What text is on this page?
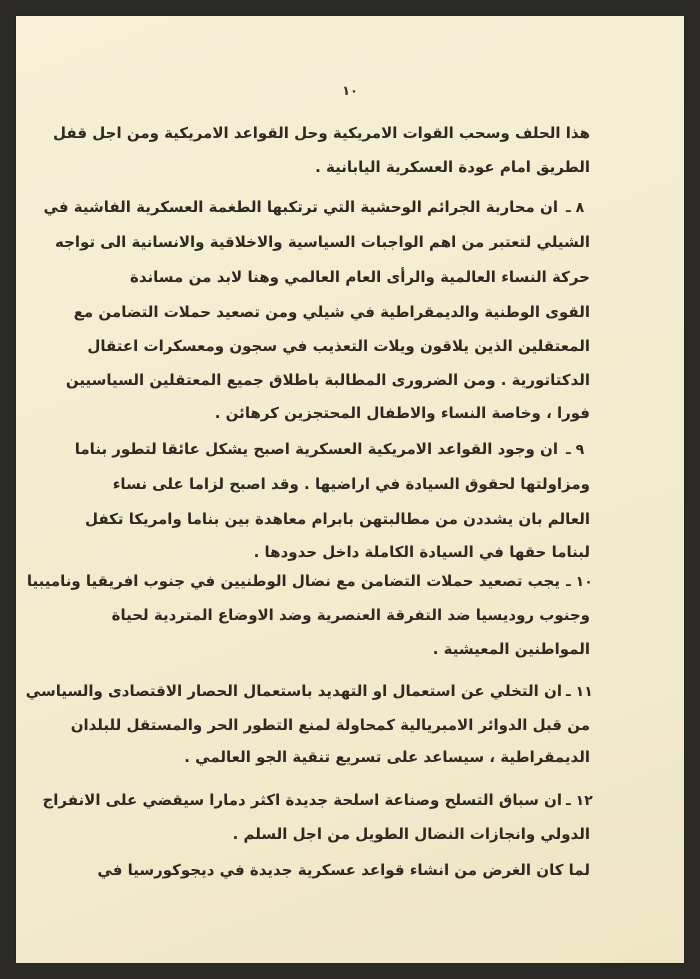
١٠
هذا الحلف وسحب القوات الامريكية وحل القواعد الامريكية ومن اجل قفل
الطريق امام عودة العسكرية اليابانية .
٨ ـ
ان محاربة الجرائم الوحشية التي ترتكبها الطغمة العسكرية الفاشية في
الشيلي لتعتبر من اهم الواجبات السياسية والاخلاقية والانسانية الى تواجه
حركة النساء العالمية والرأى العام العالمي وهنا لابد من مساندة
القوى الوطنية والديمقراطية في شيلي ومن تصعيد حملات التضامن مع
المعتقلين الذين يلاقون ويلات التعذيب في سجون ومعسكرات اعتقال
الدكتاتورية . ومن الضرورى المطالبة باطلاق جميع المعتقلين السياسيين
فورا ، وخاصة النساء والاطفال المحتجزين كرهائن .
٩ ـ
ان وجود القواعد الامريكية العسكرية اصبح يشكل عائقا لتطور بناما
ومزاولتها لحقوق السيادة في اراضيها . وقد اصبح لزاما على نساء
العالم بان يشددن من مطالبتهن بابرام معاهدة بين بناما وامريكا تكفل
لبناما حقها في السيادة الكاملة داخل حدودها .
١٠ ـ
يجب تصعيد حملات التضامن مع نضال الوطنيين في جنوب افريقيا وناميبيا
وجنوب روديسيا ضد التفرقة العنصرية وضد الاوضاع المتردية لحياة
المواطنين المعيشية .
١١ ـ
ان التخلي عن استعمال او التهديد باستعمال الحصار الاقتصادى والسياسي
من قبل الدوائر الامبريالية كمحاولة لمنع التطور الحر والمستقل للبلدان
الديمقراطية ، سيساعد على تسريع تنقية الجو العالمي .
١٢ ـ
ان سباق التسلح وصناعة اسلحة جديدة اكثر دمارا سيقضي على الانفراج
الدولي وانجازات النضال الطويل من اجل السلم .
لما كان الغرض من انشاء قواعد عسكرية جديدة في ديجوكورسيا في
